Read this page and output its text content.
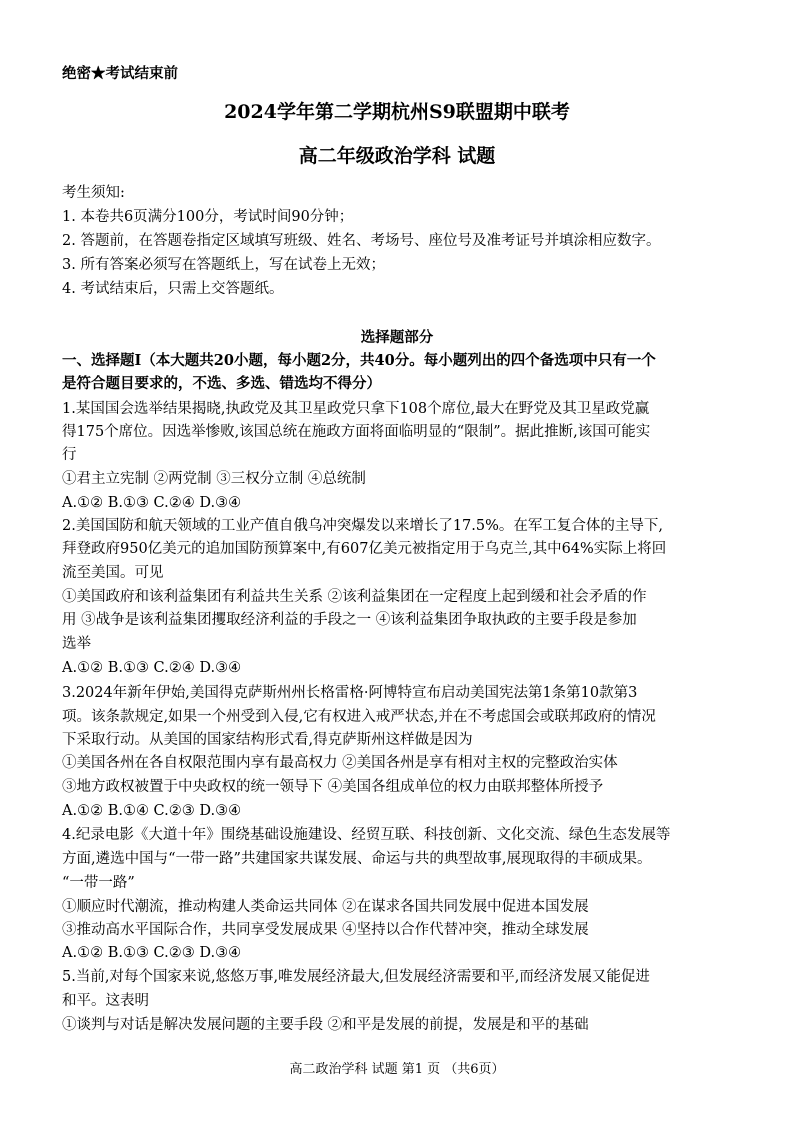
绝密★考试结束前
2024学年第二学期杭州S9联盟期中联考
高二年级政治学科 试题
考生须知:
1. 本卷共6页满分100分，考试时间90分钟；
2. 答题前，在答题卷指定区域填写班级、姓名、考场号、座位号及准考证号并填涂相应数字。
3. 所有答案必须写在答题纸上，写在试卷上无效；
4. 考试结束后，只需上交答题纸。
选择题部分
一、选择题Ⅰ（本大题共20小题，每小题2分，共40分。每小题列出的四个备选项中只有一个
是符合题目要求的，不选、多选、错选均不得分）
1.某国国会选举结果揭晓,执政党及其卫星政党只拿下108个席位,最大在野党及其卫星政党赢
得175个席位。因选举惨败,该国总统在施政方面将面临明显的“限制”。据此推断,该国可能实
行
①君主立宪制 ②两党制 ③三权分立制 ④总统制
A.①② B.①③ C.②④ D.③④
2.美国国防和航天领域的工业产值自俄乌冲突爆发以来增长了17.5%。在军工复合体的主导下,
拜登政府950亿美元的追加国防预算案中,有607亿美元被指定用于乌克兰,其中64%实际上将回
流至美国。可见
①美国政府和该利益集团有利益共生关系 ②该利益集团在一定程度上起到缓和社会矛盾的作
用 ③战争是该利益集团攫取经济利益的手段之一 ④该利益集团争取执政的主要手段是参加
选举
A.①② B.①③ C.②④ D.③④
3.2024年新年伊始,美国得克萨斯州州长格雷格·阿博特宣布启动美国宪法第1条第10款第3
项。该条款规定,如果一个州受到入侵,它有权进入戒严状态,并在不考虑国会或联邦政府的情况
下采取行动。从美国的国家结构形式看,得克萨斯州这样做是因为
①美国各州在各自权限范围内享有最高权力 ②美国各州是享有相对主权的完整政治实体
③地方政权被置于中央政权的统一领导下 ④美国各组成单位的权力由联邦整体所授予
A.①② B.①④ C.②③ D.③④
4.纪录电影《大道十年》围绕基础设施建设、经贸互联、科技创新、文化交流、绿色生态发展等
方面,遴选中国与“一带一路”共建国家共谋发展、命运与共的典型故事,展现取得的丰硕成果。
“一带一路”
①顺应时代潮流，推动构建人类命运共同体 ②在谋求各国共同发展中促进本国发展
③推动高水平国际合作，共同享受发展成果 ④坚持以合作代替冲突，推动全球发展
A.①② B.①③ C.②③ D.③④
5.当前,对每个国家来说,悠悠万事,唯发展经济最大,但发展经济需要和平,而经济发展又能促进
和平。这表明
①谈判与对话是解决发展问题的主要手段 ②和平是发展的前提，发展是和平的基础
高二政治学科 试题 第1 页 （共6页）
